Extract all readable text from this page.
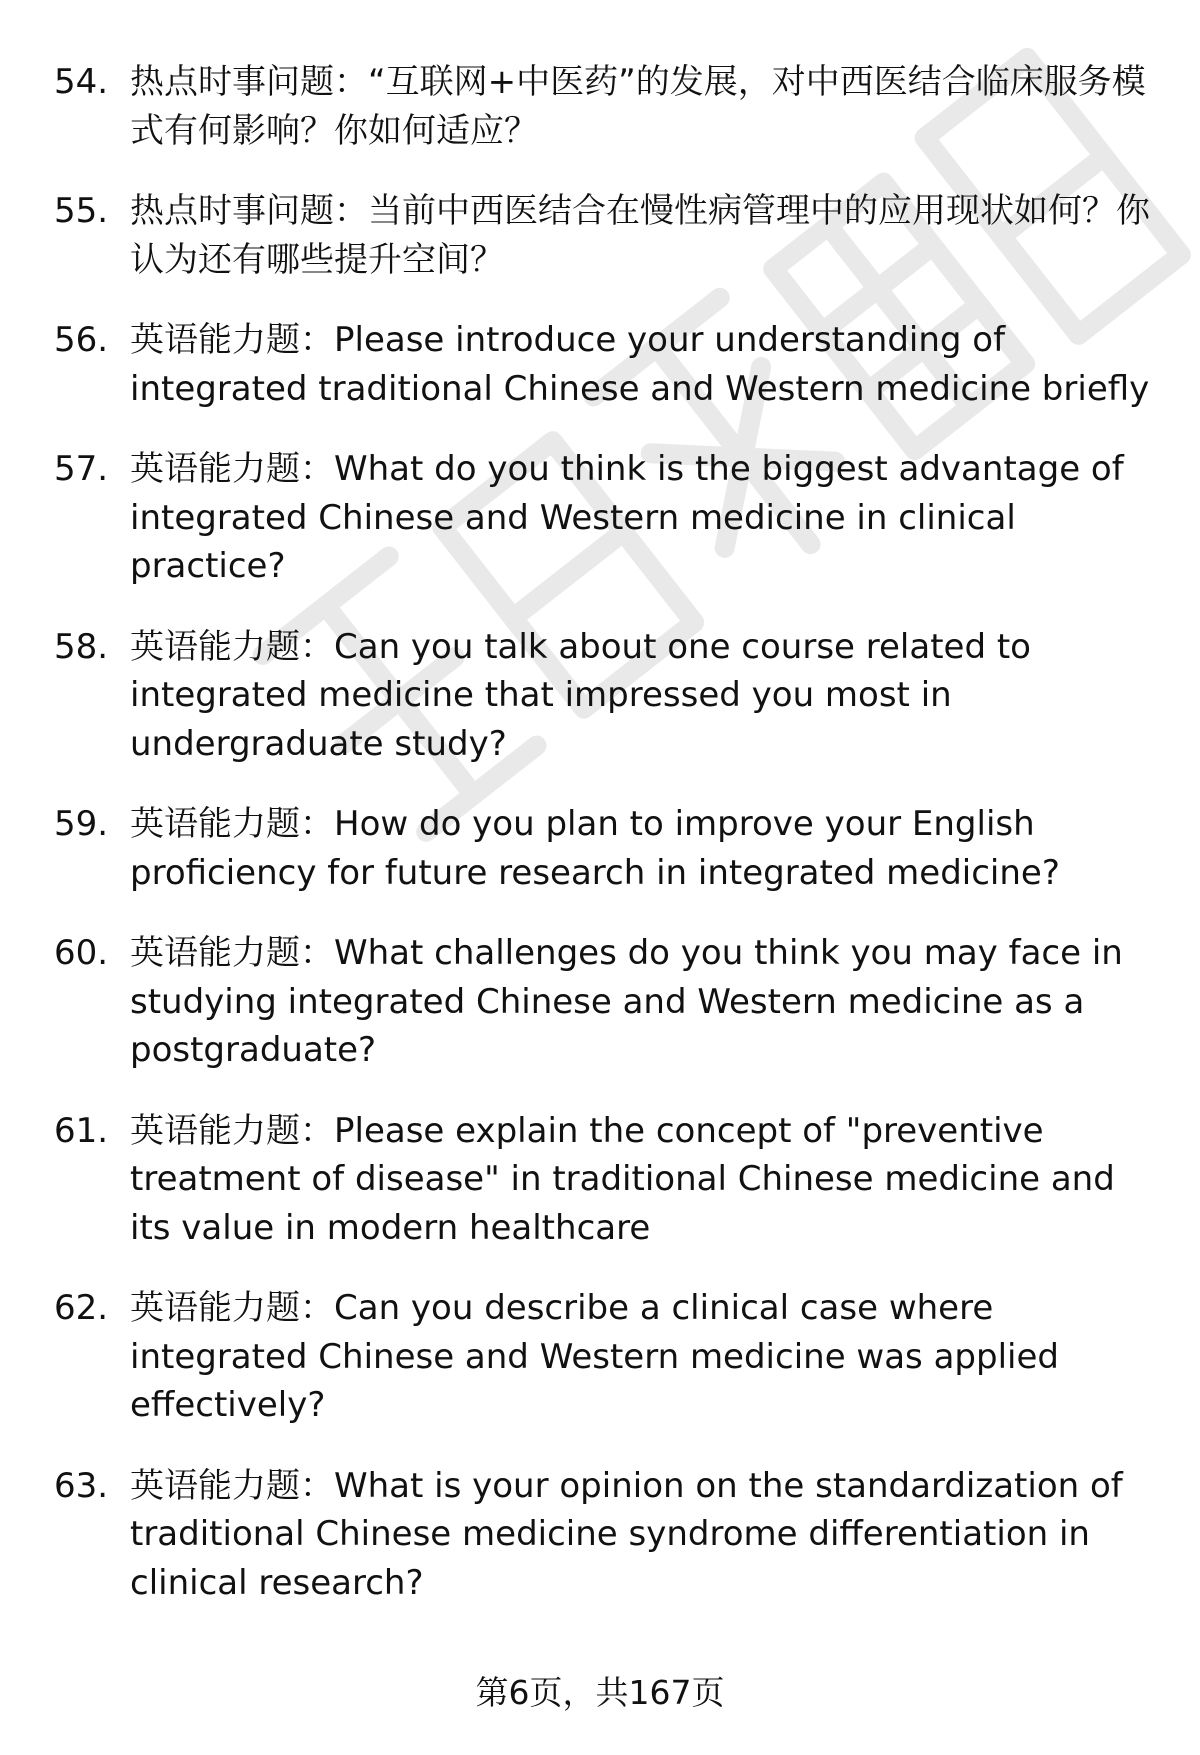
54. 热点时事问题：“互联网+中医药”的发展，对中西医结合临床服务模式有何影响？你如何适应？
55. 热点时事问题：当前中西医结合在慢性病管理中的应用现状如何？你认为还有哪些提升空间？
56. 英语能力题：Please introduce your understanding of integrated traditional Chinese and Western medicine briefly
57. 英语能力题：What do you think is the biggest advantage of integrated Chinese and Western medicine in clinical practice?
58. 英语能力题：Can you talk about one course related to integrated medicine that impressed you most in undergraduate study?
59. 英语能力题：How do you plan to improve your English proficiency for future research in integrated medicine?
60. 英语能力题：What challenges do you think you may face in studying integrated Chinese and Western medicine as a postgraduate?
61. 英语能力题：Please explain the concept of "preventive treatment of disease" in traditional Chinese medicine and its value in modern healthcare
62. 英语能力题：Can you describe a clinical case where integrated Chinese and Western medicine was applied effectively?
63. 英语能力题：What is your opinion on the standardization of traditional Chinese medicine syndrome differentiation in clinical research?
第6页，共167页
